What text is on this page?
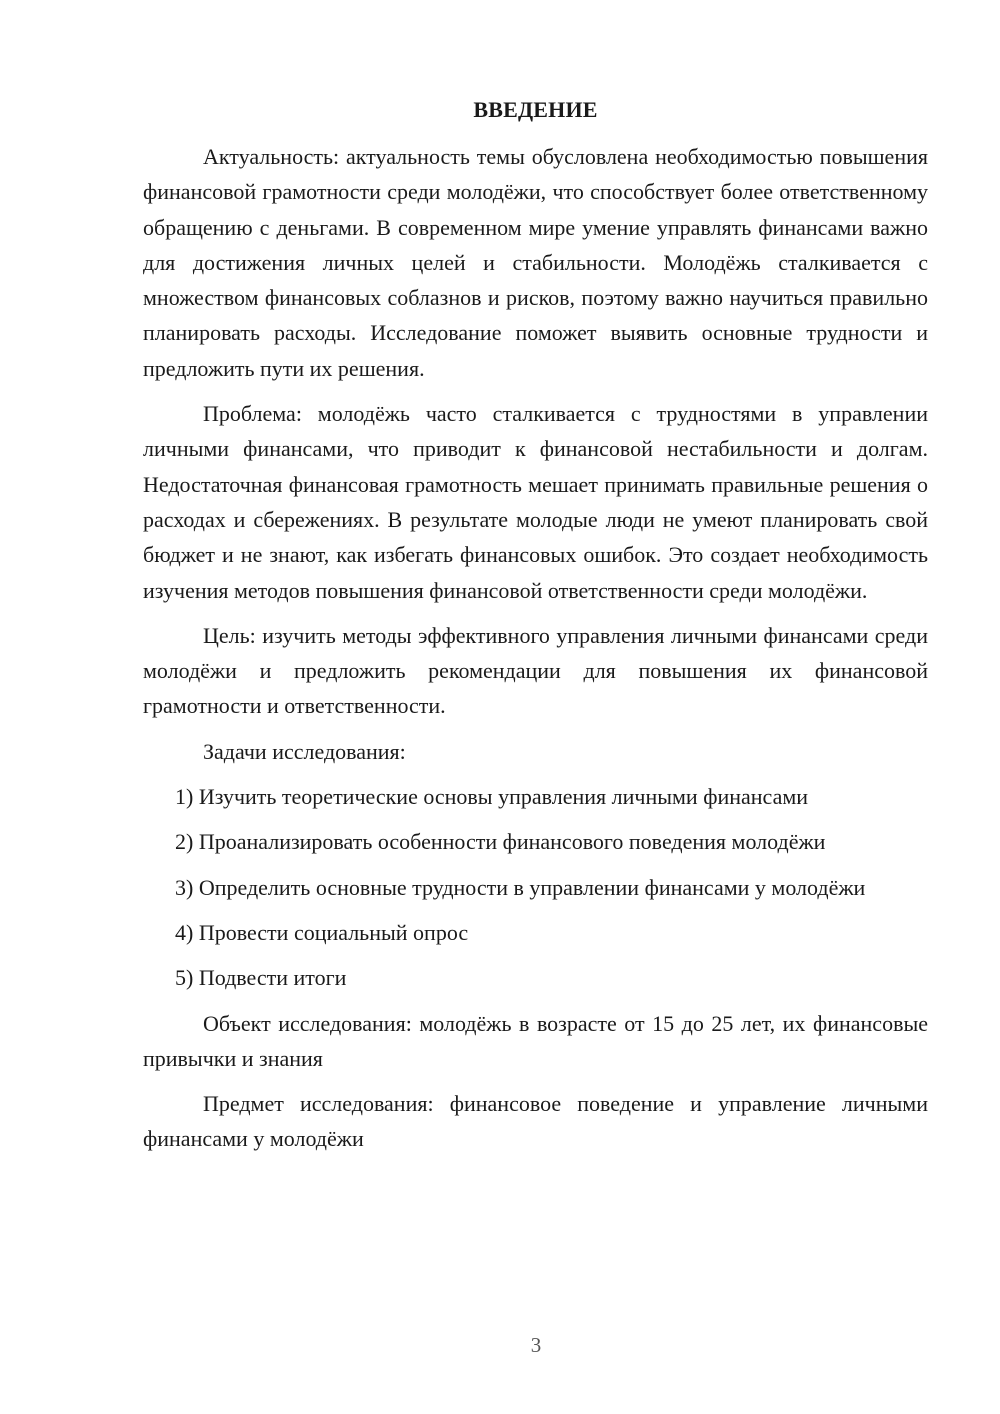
ВВЕДЕНИЕ

Актуальность: актуальность темы обусловлена необходимостью повышения финансовой грамотности среди молодёжи, что способствует более ответственному обращению с деньгами. В современном мире умение управлять финансами важно для достижения личных целей и стабильности. Молодёжь сталкивается с множеством финансовых соблазнов и рисков, поэтому важно научиться правильно планировать расходы. Исследование поможет выявить основные трудности и предложить пути их решения.

Проблема: молодёжь часто сталкивается с трудностями в управлении личными финансами, что приводит к финансовой нестабильности и долгам. Недостаточная финансовая грамотность мешает принимать правильные решения о расходах и сбережениях. В результате молодые люди не умеют планировать свой бюджет и не знают, как избегать финансовых ошибок. Это создает необходимость изучения методов повышения финансовой ответственности среди молодёжи.

Цель: изучить методы эффективного управления личными финансами среди молодёжи и предложить рекомендации для повышения их финансовой грамотности и ответственности.

Задачи исследования:

1) Изучить теоретические основы управления личными финансами

2) Проанализировать особенности финансового поведения молодёжи

3) Определить основные трудности в управлении финансами у молодёжи

4) Провести социальный опрос

5) Подвести итоги

Объект исследования: молодёжь в возрасте от 15 до 25 лет, их финансовые привычки и знания

Предмет исследования: финансовое поведение и управление личными финансами у молодёжи

3
